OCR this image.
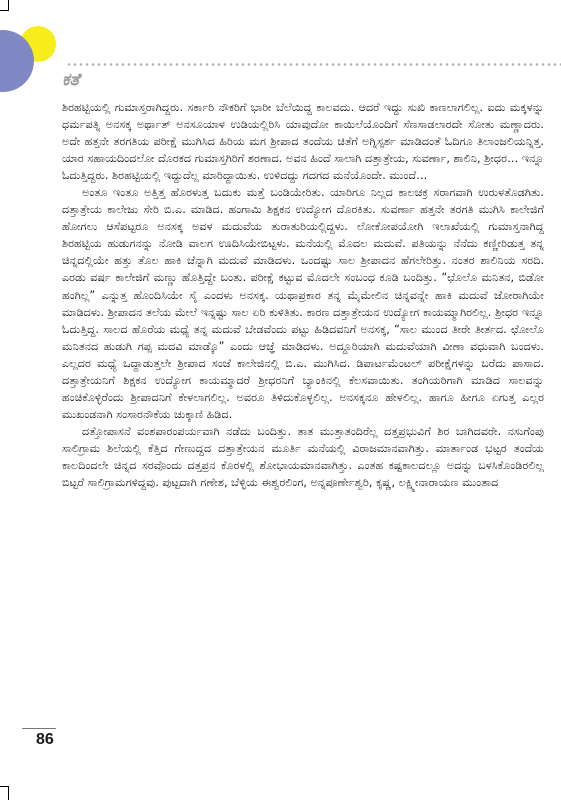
ಕತೆ

ಶಿರಹಟ್ಟಿಯಲ್ಲಿ ಗುಮಾಸ್ತರಾಗಿದ್ದರು. ಸರ್ಕಾರಿ ನೌಕರಿಗೆ ಭಾರೀ ಬೆಲೆಯಿದ್ದ ಕಾಲವದು. ಆದರೆ ಇದ್ದು ಸುಖಿ ಕಾಣಲಾಗಲಿಲ್ಲ. ಐದು ಮಕ್ಕಳನ್ನು ಧರ್ಮಪತ್ನಿ ಅನಸಕ್ಕ ಅರ್ಥಾತ್ ಅನಸೂಯಾಳ ಉಡಿಯಲ್ಲಿರಿಸಿ ಯಾವುದೋ ಕಾಯಿಲೆಯೊಂದಿಗೆ ಸೆಣಸಾಡಲಾರದೇ ಸೋತು ಮಣ್ಣಾದರು. ಅದೇ ಹತ್ತನೇ ತರಗತಿಯ ಪರೀಕ್ಷೆ ಮುಗಿಸಿದ ಹಿರಿಯ ಮಗ ಶ್ರೀಪಾದ ತಂದೆಯ ಚಿತೆಗೆ ಅಗ್ನಿಸ್ಪರ್ಶ ಮಾಡಿದಂತೆ ಓದಿಗೂ ತಿಲಾಂಜಲಿಯನ್ನಿತ್ತ. ಯಾರ ಸಹಾಯದಿಂದಲೋ ದೊರಕದ ಗುಮಾಸ್ತಗಿರಿಗೆ ಶರಣಾದ. ಅವನ ಹಿಂದೆ ಸಾಲಾಗಿ ದತ್ತಾತ್ರೇಯ, ಸುವರ್ಣಾ, ಶಾಲಿನಿ, ಶ್ರೀಧರ… ಇನ್ನೂ ಓದುತ್ತಿದ್ದರು. ಶಿರಹಟ್ಟಿಯಲ್ಲಿ ಇದ್ದುದೆಲ್ಲ ಮಾರಿದ್ದಾಯಿತು. ಉಳಿದದ್ದು ಗದಗದ ಮನೆಯೊಂದೇ. ಮುಂದೆ…

ಅಂತೂ ಇಂತೂ ಅತ್ತಿತ್ತ ಹೊರಳುತ್ತ ಬದುಕು ಮತ್ತೆ ಬಂಡಿಯೇರಿತು. ಯಾರಿಗೂ ನಿಲ್ಲದ ಕಾಲಚಕ್ರ ಸರಾಗವಾಗಿ ಉರುಳತೊಡಗಿತು. ದತ್ತಾತ್ರೇಯ ಕಾಲೇಜು ಸೇರಿ ಬಿ.ಎ. ಮಾಡಿದ. ಹಂಗಾಮಿ ಶಿಕ್ಷಕನ ಉದ್ಯೋಗ ದೊರಕಿತು. ಸುವರ್ಣಾ ಹತ್ತನೇ ತರಗತಿ ಮುಗಿಸಿ ಕಾಲೇಜಿಗೆ ಹೋಗಲು ಆಸೆಪಟ್ಟರೂ ಅನಸಕ್ಕ ಅವಳ ಮದುವೆಯ ತುರಾತುರಿಯಲ್ಲಿದ್ದಳು. ಲೋಕೋಪಯೋಗಿ ಇಲಾಖೆಯಲ್ಲಿ ಗುಮಾಸ್ತನಾಗಿದ್ದ ಶಿರಹಟ್ಟಿಯ ಹುಡುಗನನ್ನು ನೋಡಿ ವಾಲಗ ಊದಿಸಿಯೇಬಿಟ್ಟಳು. ಮನೆಯಲ್ಲಿ ಮೊದಲ ಮದುವೆ. ಪತಿಯನ್ನು ನೆನೆದು ಕಣ್ಣೀರಿಡುತ್ತ ತನ್ನ ಚಿನ್ನದಲ್ಲಿಯೇ ಹತ್ತು ತೊಲ ಹಾಕಿ ಚೆನ್ನಾಗಿ ಮದುವೆ ಮಾಡಿದಳು. ಒಂದಷ್ಟು ಸಾಲ ಶ್ರೀಪಾದನ ಹೆಗಲೇರಿತ್ತು. ನಂತರ ಶಾಲಿನಿಯ ಸರದಿ. ಎರಡು ವರ್ಷ ಕಾಲೇಜಿಗೆ ಮಣ್ಣು ಹೊತ್ತಿದ್ದೇ ಬಂತು. ಪರೀಕ್ಷೆ ಕಟ್ಟುವ ಮೊದಲೇ ಸಂಬಂಧ ಕೂಡಿ ಬಂದಿತ್ತು. “ಛೊಲೊ ಮನಿತನ, ಬಿಡೋ ಹಂಗಿಲ್ಲ” ಎನ್ನುತ್ತ ಹೊಂದಿಸಿಯೇ ಸೈ ಎಂದಳು ಅನಸಕ್ಕ. ಯಥಾಪ್ರಕಾರ ತನ್ನ ಮೈಮೇಲಿನ ಚಿನ್ನವನ್ನೇ ಹಾಕಿ ಮದುವೆ ಜೋರಾಗಿಯೇ ಮಾಡಿದಳು. ಶ್ರೀಪಾದನ ತಲೆಯ ಮೇಲೆ ಇನ್ನಷ್ಟು ಸಾಲ ಏರಿ ಕುಳಿತಿತು. ಕಾರಣ ದತ್ತಾತ್ರೇಯನ ಉದ್ಯೋಗ ಕಾಯಮ್ಮಾಗಿರಲಿಲ್ಲ. ಶ್ರೀಧರ ಇನ್ನೂ ಓದುತ್ತಿದ್ದ. ಸಾಲದ ಹೊರೆಯ ಮಧ್ಯೆ ತನ್ನ ಮದುವೆ ಬೇಡವೆಂದು ಪಟ್ಟು ಹಿಡಿದವನಿಗೆ ಅನಸಕ್ಕ, “ಸಾಲ ಮುಂದ ತೀರೇ ತೀರ್ತದ. ಛೋಲೊ ಮನಿತನದ ಹುಡುಗಿ ಗಪ್ಪ ಮದವಿ ಮಾಡ್ಕೊ” ಎಂದು ಆಜ್ಞೆ ಮಾಡಿದಳು. ಅದ್ದೂರಿಯಾಗಿ ಮದುವೆಯಾಗಿ ವೀಣಾ ವಧುವಾಗಿ ಬಂದಳು. ಎಲ್ಲದರ ಮಧ್ಯೆ ಒದ್ದಾಡುತ್ತಲೇ ಶ್ರೀಪಾದ ಸಂಜೆ ಕಾಲೇಜಿನಲ್ಲಿ ಬಿ.ಎ. ಮುಗಿಸಿದ. ಡಿಪಾರ್ಟಮೆಂಟಲ್ ಪರೀಕ್ಷೆಗಳನ್ನು ಬರೆದು ಪಾಸಾದ. ದತ್ತಾತ್ರೇಯನಿಗೆ ಶಿಕ್ಷಕನ ಉದ್ಯೋಗ ಕಾಯಮ್ಮಾದರೆ ಶ್ರೀಧರನಿಗೆ ಬ್ಯಾಂಕಿನಲ್ಲಿ ಕೆಲಸವಾಯಿತು. ತಂಗಿಯರಿಗಾಗಿ ಮಾಡಿದ ಸಾಲವನ್ನು ಹಂಚಿಕೊಳ್ಳಿರೆಂದು ಶ್ರೀಪಾದನಿಗೆ ಕೇಳಲಾಗಲಿಲ್ಲ. ಅವರೂ ತಿಳಿದುಕೊಳ್ಳಲಿಲ್ಲ. ಅನಸಕ್ಕನೂ ಹೇಳಲಿಲ್ಲ. ಹಾಗೂ ಹೀಗೂ ಏಗುತ್ತ ಎಲ್ಲರ ಮುಖಂಡನಾಗಿ ಸಂಸಾರನೌಕೆಯ ಚುಕ್ಕಾಣಿ ಹಿಡಿದ.

ದತ್ತೋಪಾಸನೆ ವಂಶಪಾರಂಪರ್ಯವಾಗಿ ನಡೆದು ಬಂದಿತ್ತು. ತಾತ ಮುತ್ತಾತಂದಿರೆಲ್ಲ ದತ್ತಪ್ರಭುವಿಗೆ ಶಿರ ಬಾಗಿದವರೇ. ನಸುಗೆಂಪು ಸಾಲಿಗ್ರಾಮ ಶಿಲೆಯಲ್ಲಿ ಕೆತ್ತಿದ ಗೇಣುದ್ದದ ದತ್ತಾತ್ರೇಯನ ಮೂರ್ತಿ ಮನೆಯಲ್ಲಿ ವಿರಾಜಮಾನವಾಗಿತ್ತು. ಮಾರ್ತಾಂಡ ಭಟ್ಟರ ತಂದೆಯ ಕಾಲದಿಂದಲೇ ಚಿನ್ನದ ಸರವೊಂದು ದತ್ತಪ್ರನ ಕೊರಳಲ್ಲಿ ಶೋಭಾಯಮಾನವಾಗಿತ್ತು. ಎಂತಹ ಕಷ್ಟಕಾಲದಲ್ಲೂ ಅದನ್ನು ಬಳಸಿಕೊಂಡಿರಲಿಲ್ಲ ಬಿಟ್ಟರೆ ಸಾಲಿಗ್ರಾಮಗಳಿದ್ದವು. ಪುಟ್ಟದಾಗಿ ಗಣೇಶ, ಬೆಳ್ಳಿಯ ಈಶ್ವರಲಿಂಗ, ಅನ್ನಪೂರ್ಣೇಶ್ವರಿ, ಕೃಷ್ಣ, ಲಕ್ಷ್ಮೀನಾರಾಯಣ ಮುಂತಾದ

86
